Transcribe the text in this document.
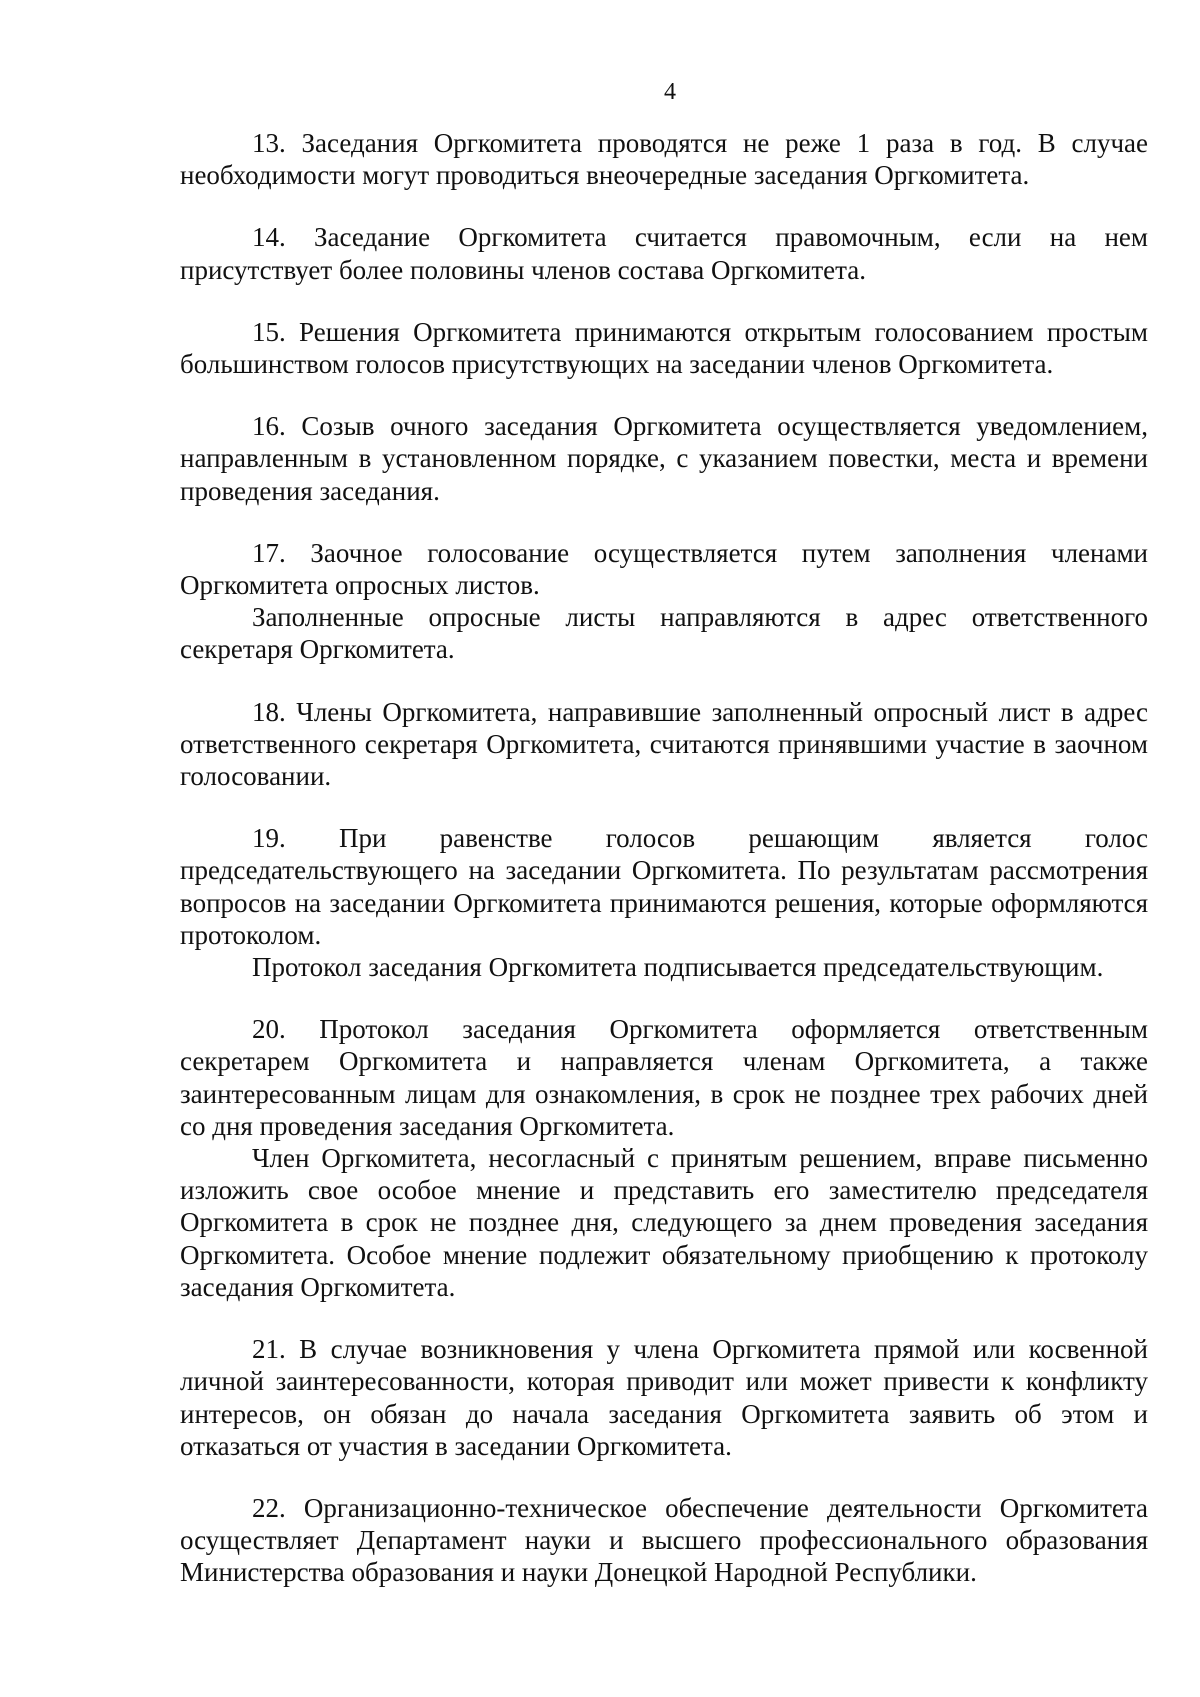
4

13. Заседания Оргкомитета проводятся не реже 1 раза в год. В случае необходимости могут проводиться внеочередные заседания Оргкомитета.

14. Заседание Оргкомитета считается правомочным, если на нем присутствует более половины членов состава Оргкомитета.

15. Решения Оргкомитета принимаются открытым голосованием простым большинством голосов присутствующих на заседании членов Оргкомитета.

16. Созыв очного заседания Оргкомитета осуществляется уведомлением, направленным в установленном порядке, с указанием повестки, места и времени проведения заседания.

17. Заочное голосование осуществляется путем заполнения членами Оргкомитета опросных листов.

Заполненные опросные листы направляются в адрес ответственного секретаря Оргкомитета.

18. Члены Оргкомитета, направившие заполненный опросный лист в адрес ответственного секретаря Оргкомитета, считаются принявшими участие в заочном голосовании.

19. При равенстве голосов решающим является голос председательствующего на заседании Оргкомитета. По результатам рассмотрения вопросов на заседании Оргкомитета принимаются решения, которые оформляются протоколом.

Протокол заседания Оргкомитета подписывается председательствующим.

20. Протокол заседания Оргкомитета оформляется ответственным секретарем Оргкомитета и направляется членам Оргкомитета, а также заинтересованным лицам для ознакомления, в срок не позднее трех рабочих дней со дня проведения заседания Оргкомитета.

Член Оргкомитета, несогласный с принятым решением, вправе письменно изложить свое особое мнение и представить его заместителю председателя Оргкомитета в срок не позднее дня, следующего за днем проведения заседания Оргкомитета. Особое мнение подлежит обязательному приобщению к протоколу заседания Оргкомитета.

21. В случае возникновения у члена Оргкомитета прямой или косвенной личной заинтересованности, которая приводит или может привести к конфликту интересов, он обязан до начала заседания Оргкомитета заявить об этом и отказаться от участия в заседании Оргкомитета.

22. Организационно-техническое обеспечение деятельности Оргкомитета осуществляет Департамент науки и высшего профессионального образования Министерства образования и науки Донецкой Народной Республики.
